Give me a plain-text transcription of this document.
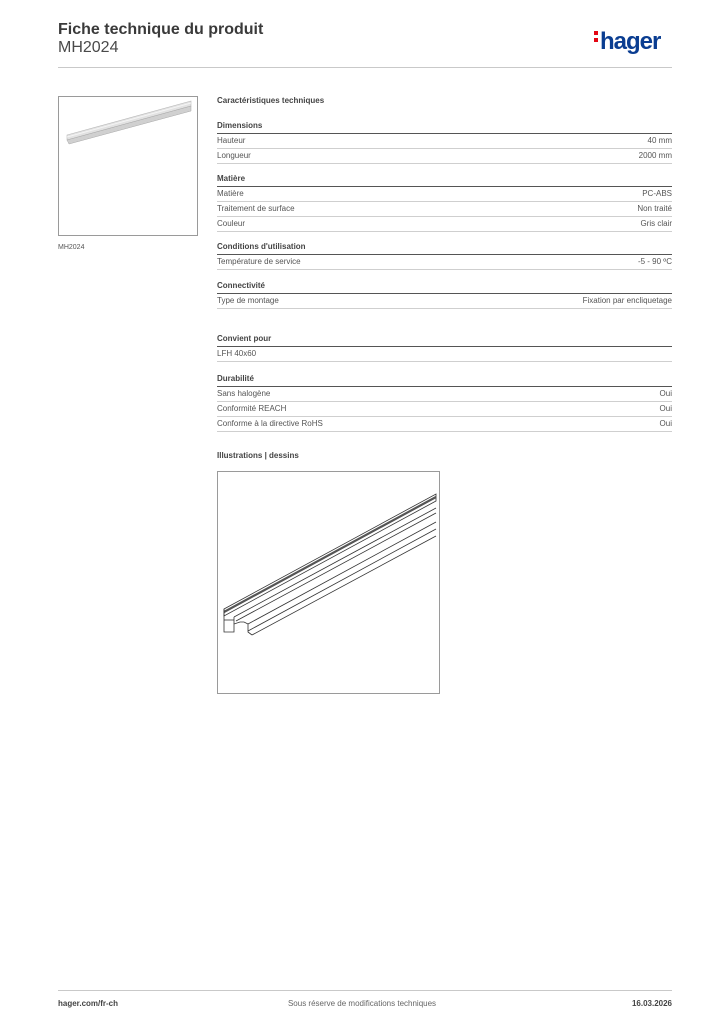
Fiche technique du produit
MH2024	hager
MH2024
Caractéristiques techniques
Dimensions
Hauteur	40 mm
Longueur	2000 mm
Matière
Matière	PC-ABS
Traitement de surface	Non traité
Couleur	Gris clair
Conditions d'utilisation
Température de service	-5 - 90 ºC
Connectivité
Type de montage	Fixation par encliquetage
Convient pour
LFH 40x60
Durabilité
Sans halogène	Oui
Conformité REACH	Oui
Conforme à la directive RoHS	Oui
Illustrations | dessins
hager.com/fr-ch	Sous réserve de modifications techniques	16.03.2026
